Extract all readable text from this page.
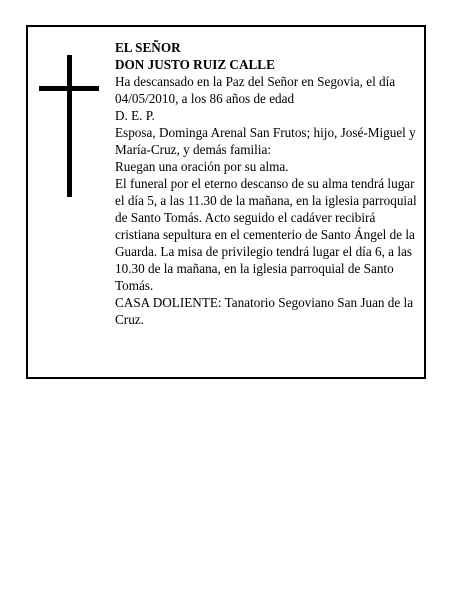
EL SEÑOR

DON JUSTO RUIZ CALLE

Ha descansado en la Paz del Señor en Segovia, el día 04/05/2010, a los 86 años de edad

D. E. P.

Esposa, Dominga Arenal San Frutos; hijo, José-Miguel y María-Cruz, y demás familia:

Ruegan una oración por su alma.

El funeral por el eterno descanso de su alma tendrá lugar el día 5, a las 11.30 de la mañana, en la iglesia parroquial de Santo Tomás. Acto seguido el cadáver recibirá cristiana sepultura en el cementerio de Santo Ángel de la Guarda. La misa de privilegio tendrá lugar el día 6, a las 10.30 de la mañana, en la iglesia parroquial de Santo Tomás.

CASA DOLIENTE: Tanatorio Segoviano San Juan de la Cruz.
